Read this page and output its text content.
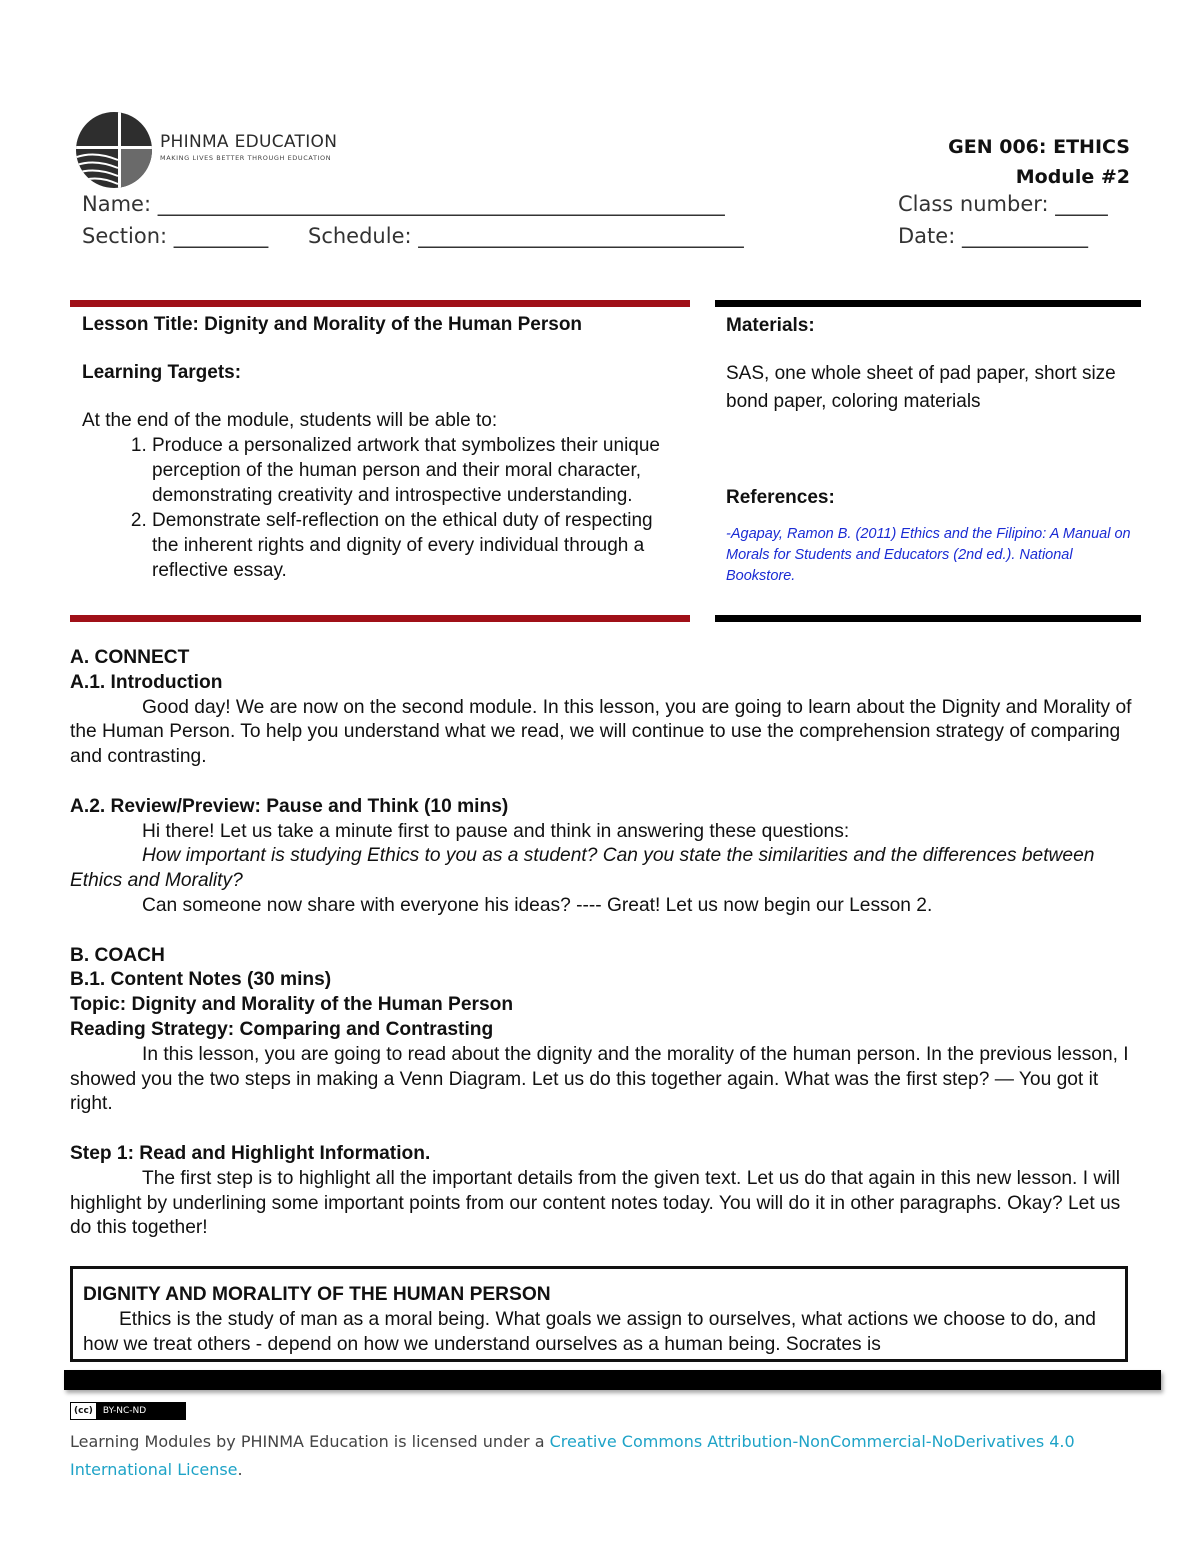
PHINMA EDUCATION
MAKING LIVES BETTER THROUGH EDUCATION	GEN 006: ETHICS
Module #2
Name: ______________________________________________________	Class number: _____
Section: _________ Schedule: _______________________________	Date: ____________
Lesson Title: Dignity and Morality of the Human Person
Learning Targets:
At the end of the module, students will be able to:
1. Produce a personalized artwork that symbolizes their unique perception of the human person and their moral character, demonstrating creativity and introspective understanding.
2. Demonstrate self-reflection on the ethical duty of respecting the inherent rights and dignity of every individual through a reflective essay.
Materials:
SAS, one whole sheet of pad paper, short size bond paper, coloring materials
References:
-Agapay, Ramon B. (2011) Ethics and the Filipino: A Manual on Morals for Students and Educators (2nd ed.). National Bookstore.

A. CONNECT

A.1. Introduction

Good day! We are now on the second module. In this lesson, you are going to learn about the Dignity and Morality of the Human Person. To help you understand what we read, we will continue to use the comprehension strategy of comparing and contrasting.

A.2. Review/Preview: Pause and Think (10 mins)

Hi there! Let us take a minute first to pause and think in answering these questions:

How important is studying Ethics to you as a student? Can you state the similarities and the differences between Ethics and Morality?

Can someone now share with everyone his ideas? ---- Great! Let us now begin our Lesson 2.

B. COACH

B.1. Content Notes (30 mins)

Topic: Dignity and Morality of the Human Person

Reading Strategy: Comparing and Contrasting

In this lesson, you are going to read about the dignity and the morality of the human person. In the previous lesson, I showed you the two steps in making a Venn Diagram. Let us do this together again. What was the first step? — You got it right.

Step 1: Read and Highlight Information.

The first step is to highlight all the important details from the given text. Let us do that again in this new lesson. I will highlight by underlining some important points from our content notes today. You will do it in other paragraphs. Okay? Let us do this together!

DIGNITY AND MORALITY OF THE HUMAN PERSON

Ethics is the study of man as a moral being. What goals we assign to ourselves, what actions we choose to do, and how we treat others - depend on how we understand ourselves as a human being. Socrates is

(cc)	BY-NC-ND
Learning Modules by PHINMA Education is licensed under a Creative Commons Attribution-NonCommercial-NoDerivatives 4.0 International License.
